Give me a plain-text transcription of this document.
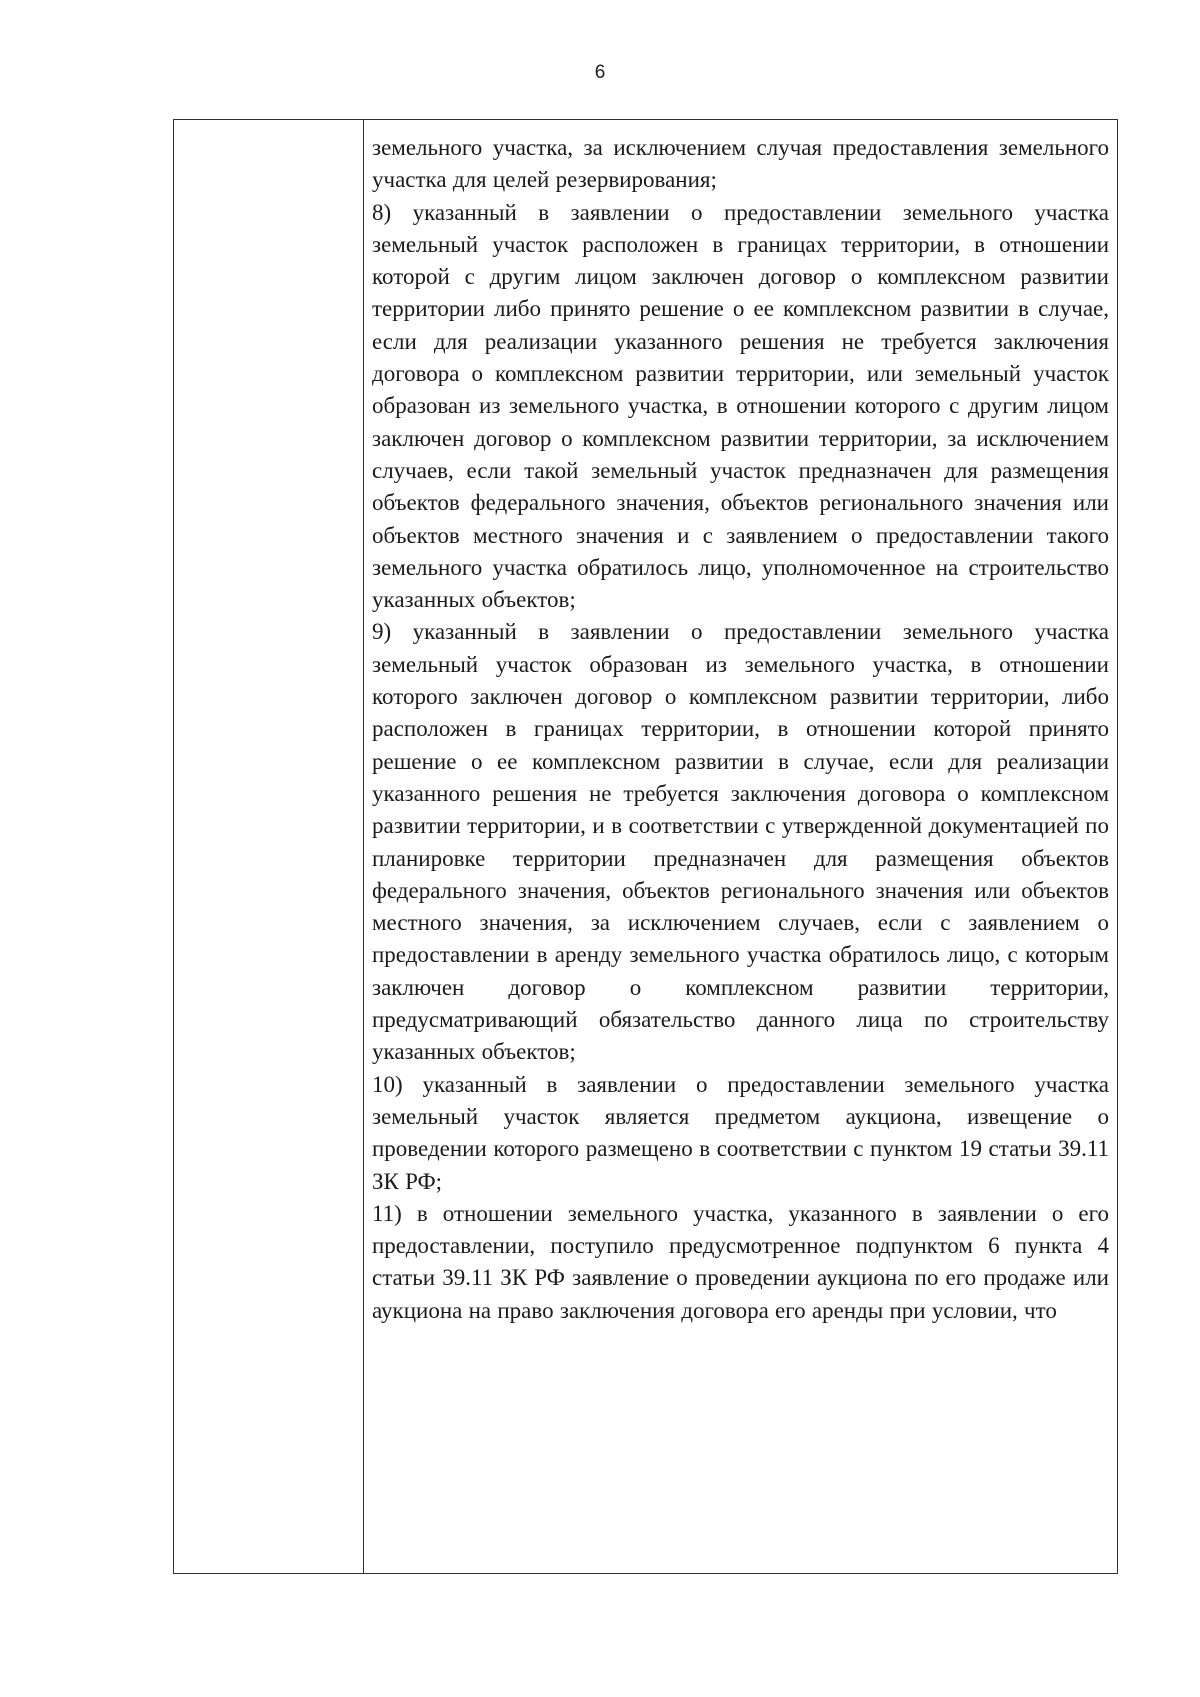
6

земельного участка, за исключением случая предоставления земельного участка для целей резервирования;

8) указанный в заявлении о предоставлении земельного участка земельный участок расположен в границах территории, в отношении которой с другим лицом заключен договор о комплексном развитии территории либо принято решение о ее комплексном развитии в случае, если для реализации указанного решения не требуется заключения договора о комплексном развитии территории, или земельный участок образован из земельного участка, в отношении которого с другим лицом заключен договор о комплексном развитии территории, за исключением случаев, если такой земельный участок предназначен для размещения объектов федерального значения, объектов регионального значения или объектов местного значения и с заявлением о предоставлении такого земельного участка обратилось лицо, уполномоченное на строительство указанных объектов;

9) указанный в заявлении о предоставлении земельного участка земельный участок образован из земельного участка, в отношении которого заключен договор о комплексном развитии территории, либо расположен в границах территории, в отношении которой принято решение о ее комплексном развитии в случае, если для реализации указанного решения не требуется заключения договора о комплексном развитии территории, и в соответствии с утвержденной документацией по планировке территории предназначен для размещения объектов федерального значения, объектов регионального значения или объектов местного значения, за исключением случаев, если с заявлением о предоставлении в аренду земельного участка обратилось лицо, с которым заключен договор о комплексном развитии территории, предусматривающий обязательство данного лица по строительству указанных объектов;

10) указанный в заявлении о предоставлении земельного участка земельный участок является предметом аукциона, извещение о проведении которого размещено в соответствии с пунктом 19 статьи 39.11 ЗК РФ;

11) в отношении земельного участка, указанного в заявлении о его предоставлении, поступило предусмотренное подпунктом 6 пункта 4 статьи 39.11 ЗК РФ заявление о проведении аукциона по его продаже или аукциона на право заключения договора его аренды при условии, что
